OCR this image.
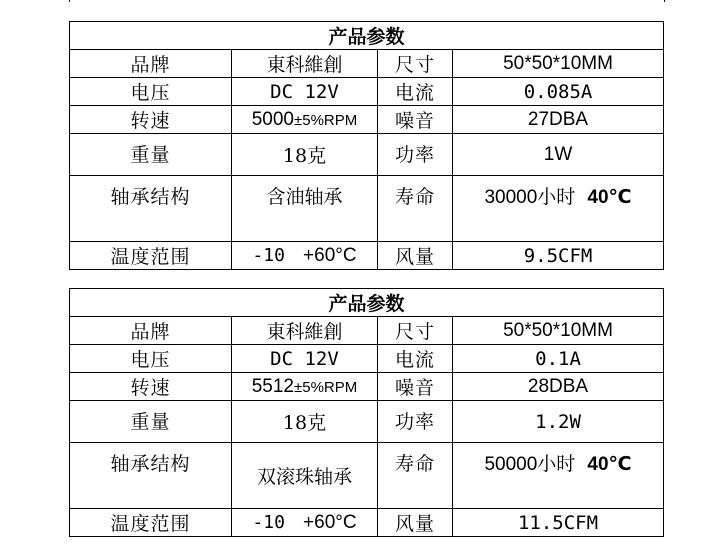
产品参数			
品牌	東科維創	尺寸	50*50*10MM
电压	DC 12V	电流	0.085A
转速	5000±5%RPM	噪音	27DBA
重量	18克	功率	1W
轴承结构	含油轴承	寿命	30000小时 40℃
温度范围	-10 +60°C	风量	9.5CFM
产品参数			
品牌	東科維創	尺寸	50*50*10MM
电压	DC 12V	电流	0.1A
转速	5512±5%RPM	噪音	28DBA
重量	18克	功率	1.2W
轴承结构	双滚珠轴承	寿命	50000小时 40℃
温度范围	-10 +60°C	风量	11.5CFM
